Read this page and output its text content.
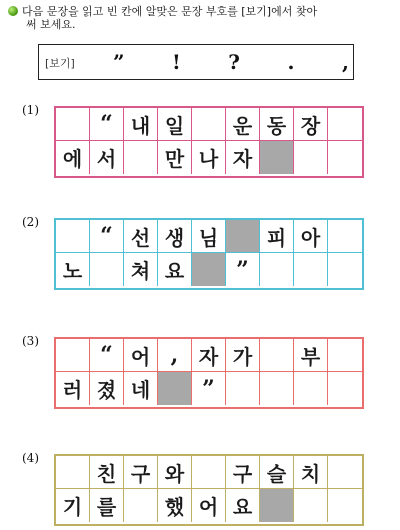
다음 문장을 읽고 빈 칸에 알맞은 문장 부호를 [보기]에서 찾아
써 보세요.
[보기] ” ! ? . ,
(1)
“ 내 일	운 동 장
에 서	만 나 자
(2)
“ 선 생 님	피 아
노	쳐 요	”
(3)
“ 어 ,	자 가	부
러 졌 네	”
(4)
친 구 와	구 슬 치
기 를	했 어 요
